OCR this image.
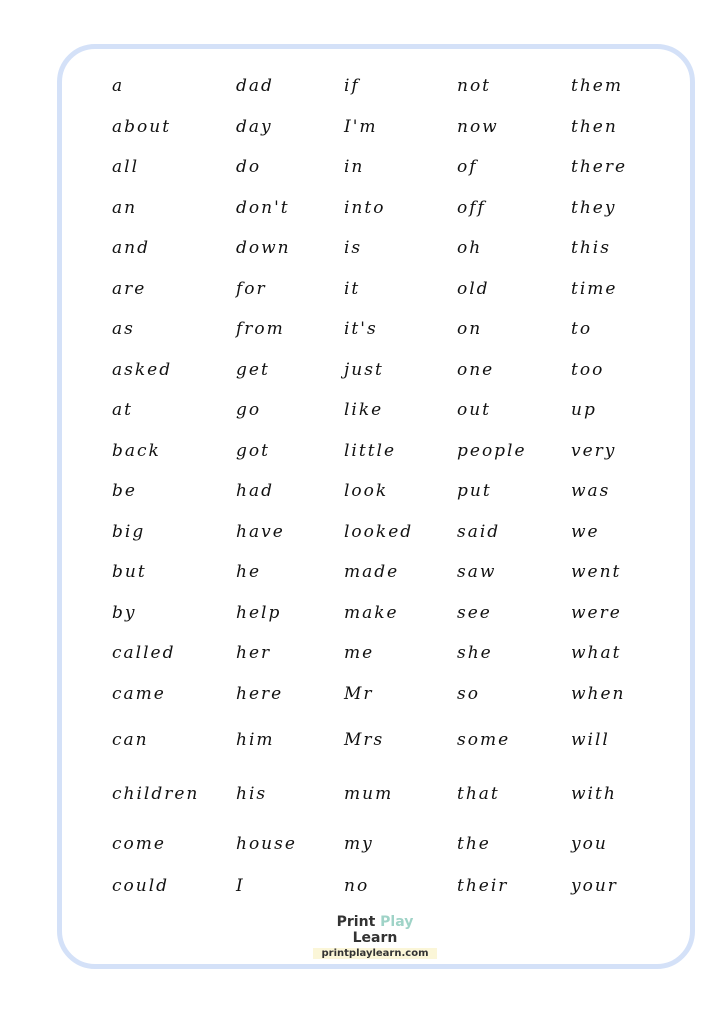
a	dad	if	not	them
about	day	I'm	now	then
all	do	in	of	there
an	don't	into	off	they
and	down	is	oh	this
are	for	it	old	time
as	from	it's	on	to
asked	get	just	one	too
at	go	like	out	up
back	got	little	people	very
be	had	look	put	was
big	have	looked	said	we
but	he	made	saw	went
by	help	make	see	were
called	her	me	she	what
came	here	Mr	so	when
can	him	Mrs	some	will
children	his	mum	that	with
come	house	my	the	you
could	I	no	their	your
Print Play Learn
printplaylearn.com
